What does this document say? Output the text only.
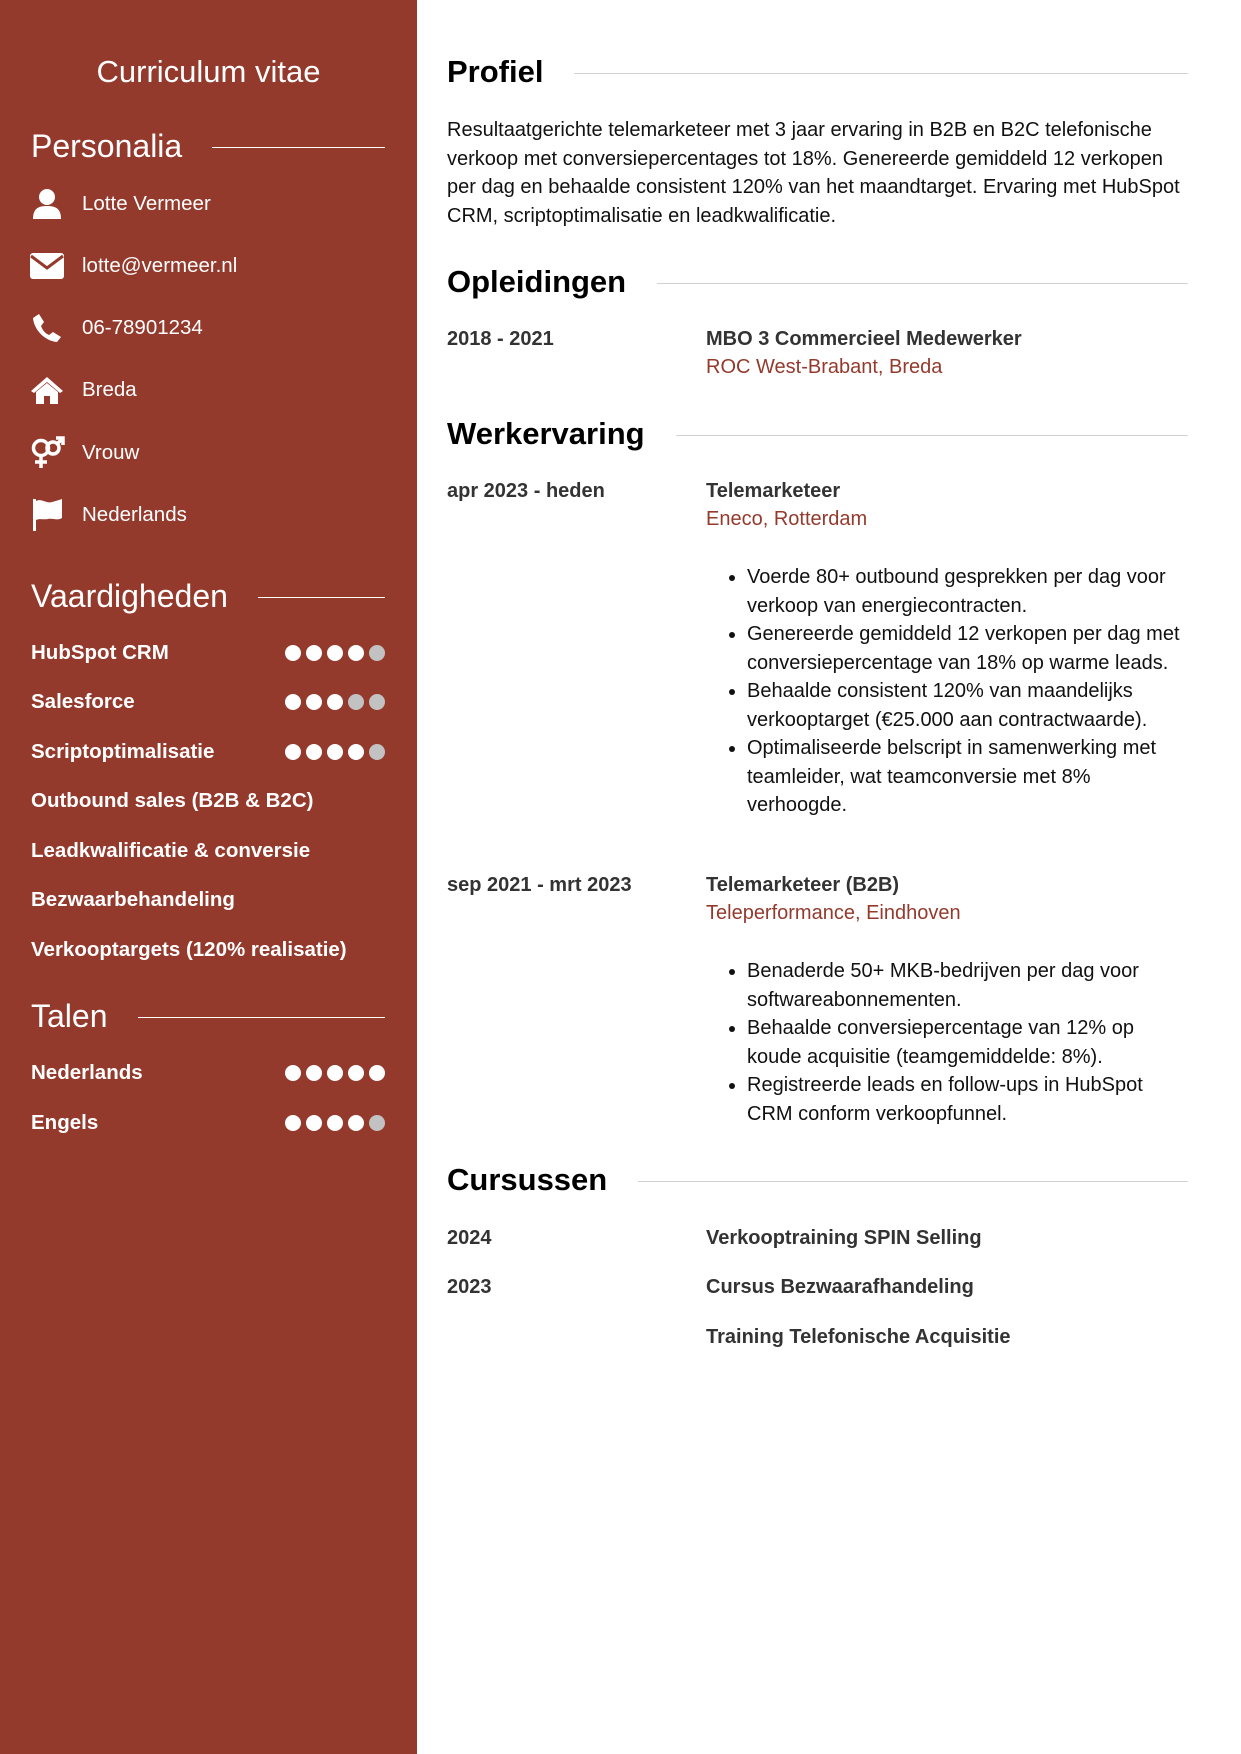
Curriculum vitae
Personalia
Lotte Vermeer
lotte@vermeer.nl
06-78901234
Breda
Vrouw
Nederlands
Vaardigheden
HubSpot CRM
Salesforce
Scriptoptimalisatie
Outbound sales (B2B & B2C)
Leadkwalificatie & conversie
Bezwaarbehandeling
Verkooptargets (120% realisatie)
Talen
Nederlands
Engels
Profiel
Resultaatgerichte telemarketeer met 3 jaar ervaring in B2B en B2C telefonische verkoop met conversiepercentages tot 18%. Genereerde gemiddeld 12 verkopen per dag en behaalde consistent 120% van het maandtarget. Ervaring met HubSpot CRM, scriptoptimalisatie en leadkwalificatie.
Opleidingen
2018 - 2021	MBO 3 Commercieel Medewerker
ROC West-Brabant, Breda
Werkervaring
apr 2023 - heden	Telemarketeer
Eneco, Rotterdam
• Voerde 80+ outbound gesprekken per dag voor verkoop van energiecontracten.
• Genereerde gemiddeld 12 verkopen per dag met conversiepercentage van 18% op warme leads.
• Behaalde consistent 120% van maandelijks verkooptarget (€25.000 aan contractwaarde).
• Optimaliseerde belscript in samenwerking met teamleider, wat teamconversie met 8% verhoogde.
sep 2021 - mrt 2023	Telemarketeer (B2B)
Teleperformance, Eindhoven
• Benaderde 50+ MKB-bedrijven per dag voor softwareabonnementen.
• Behaalde conversiepercentage van 12% op koude acquisitie (teamgemiddelde: 8%).
• Registreerde leads en follow-ups in HubSpot CRM conform verkoopfunnel.
Cursussen
2024	Verkooptraining SPIN Selling
2023	Cursus Bezwaarafhandeling
Training Telefonische Acquisitie
